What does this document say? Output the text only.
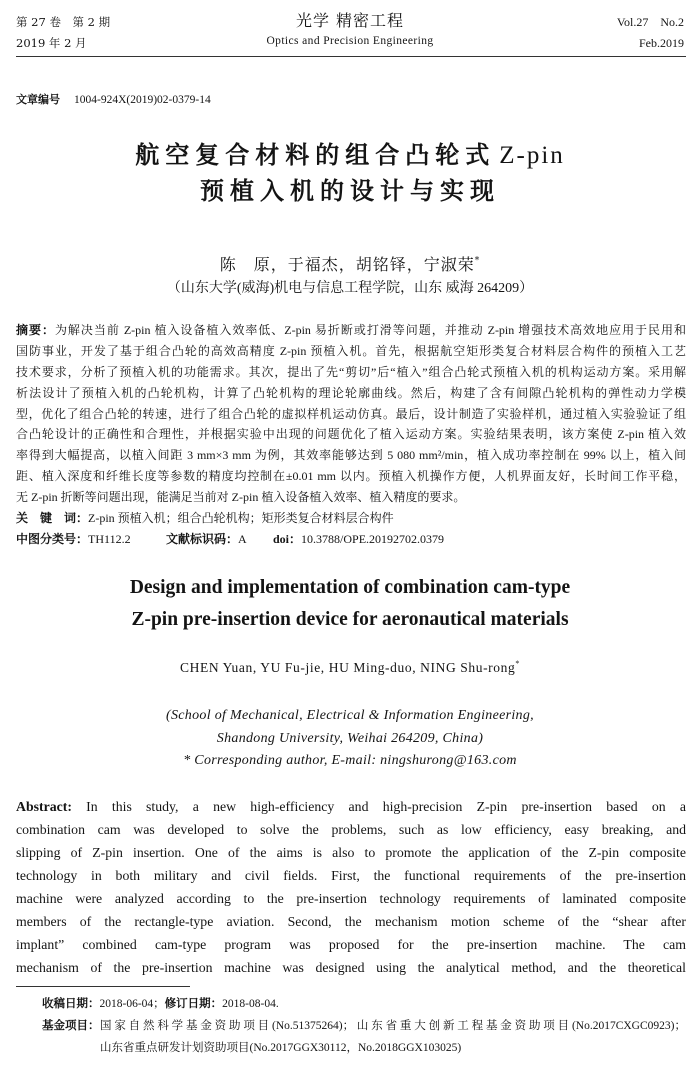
第 27 卷　第 2 期
2019 年 2 月
光学 精密工程
Optics and Precision Engineering
Vol.27　No.2
Feb.2019
文章编号 1004-924X(2019)02-0379-14
航空复合材料的组合凸轮式 Z-pin
预植入机的设计与实现
陈　原，于福杰，胡铭铎，宁淑荣*
（山东大学(威海)机电与信息工程学院，山东 威海 264209）
摘要：为解决当前 Z-pin 植入设备植入效率低、Z-pin 易折断或打滑等问题，并推动 Z-pin 增强技术高效地应用于民用和
国防事业，开发了基于组合凸轮的高效高精度 Z-pin 预植入机。首先，根据航空矩形类复合材料层合构件的预植入工艺
技术要求，分析了预植入机的功能需求。其次，提出了先“剪切”后“植入”组合凸轮式预植入机的机构运动方案。采用解
析法设计了预植入机的凸轮机构，计算了凸轮机构的理论轮廓曲线。然后，构建了含有间隙凸轮机构的弹性动力学模
型，优化了组合凸轮的转速，进行了组合凸轮的虚拟样机运动仿真。最后，设计制造了实验样机，通过植入实验验证了组
合凸轮设计的正确性和合理性，并根据实验中出现的问题优化了植入运动方案。实验结果表明，该方案使 Z-pin 植入效
率得到大幅提高，以植入间距 3 mm×3 mm 为例，其效率能够达到 5 080 mm²/min，植入成功率控制在 99% 以上，植入间
距、植入深度和纤维长度等参数的精度均控制在±0.01 mm 以内。预植入机操作方便，人机界面友好，长时间工作平稳，
无 Z-pin 折断等问题出现，能满足当前对 Z-pin 植入设备植入效率、植入精度的要求。
关　键　词：Z-pin 预植入机；组合凸轮机构；矩形类复合材料层合构件
中图分类号：TH112.2	文献标识码：A doi：10.3788/OPE.20192702.0379
Design and implementation of combination cam-type
Z-pin pre-insertion device for aeronautical materials
CHEN Yuan, YU Fu-jie, HU Ming-duo, NING Shu-rong*
(School of Mechanical, Electrical & Information Engineering,
Shandong University, Weihai 264209, China)
* Corresponding author, E-mail: ningshurong@163.com
Abstract: In this study, a new high-efficiency and high-precision Z-pin pre-insertion based on a
combination cam was developed to solve the problems, such as low efficiency, easy breaking, and
slipping of Z-pin insertion. One of the aims is also to promote the application of the Z-pin composite
technology in both military and civil fields. First, the functional requirements of the pre-insertion
machine were analyzed according to the pre-insertion technology requirements of laminated composite
members of the rectangle-type aviation. Second, the mechanism motion scheme of the “shear after
implant” combined cam-type program was proposed for the pre-insertion machine. The cam
mechanism of the pre-insertion machine was designed using the analytical method, and the theoretical
收稿日期：2018-06-04；修订日期：2018-08-04.
基金项目： 国家自然科学基金资助项目(No.51375264)；山东省重大创新工程基金资助项目(No.2017CXGC0923)；
山东省重点研发计划资助项目(No.2017GGX30112，No.2018GGX103025)
